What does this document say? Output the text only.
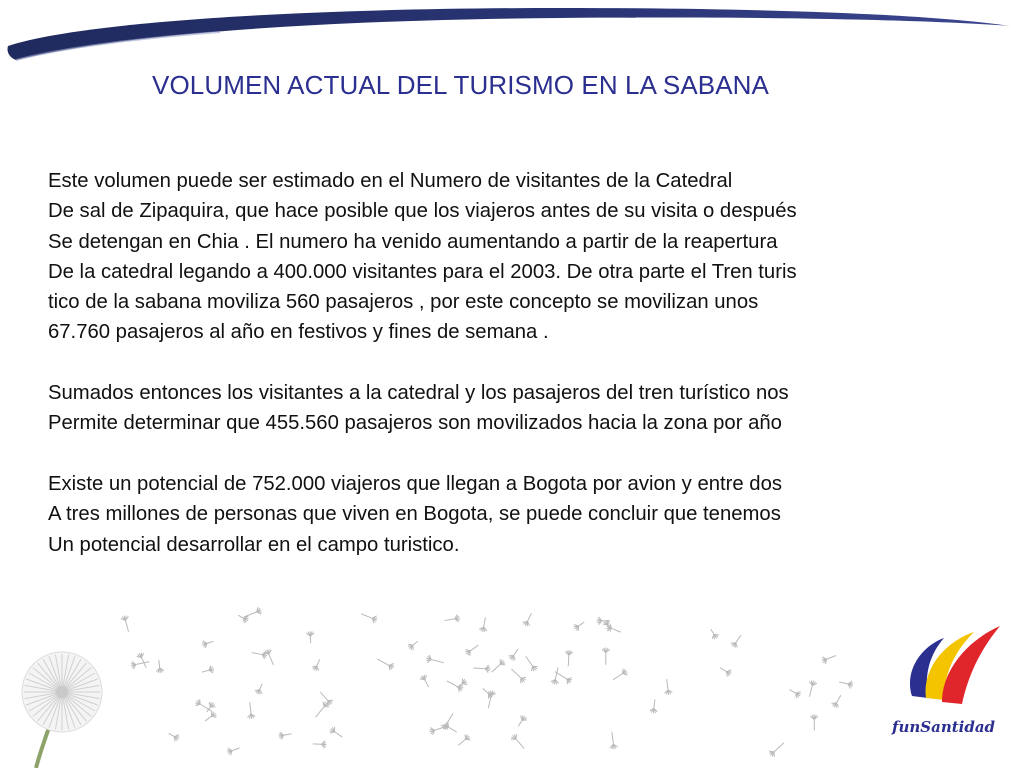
VOLUMEN ACTUAL DEL TURISMO EN LA SABANA

Este volumen puede ser estimado en el Numero de visitantes de la Catedral
De sal de Zipaquira, que hace posible que los viajeros antes de su visita o después
Se detengan en Chia . El numero ha venido aumentando a partir de la reapertura
De la catedral legando a 400.000 visitantes para el 2003. De otra parte el Tren turis
tico de la sabana moviliza 560 pasajeros , por este concepto se movilizan unos
67.760 pasajeros al año en festivos y fines de semana .

Sumados entonces los visitantes a la catedral y los pasajeros del tren turístico nos
Permite determinar que 455.560 pasajeros son movilizados hacia la zona por año

Existe un potencial de 752.000 viajeros que llegan a Bogota por avion y entre dos
A tres millones de personas que viven en Bogota, se puede concluir que tenemos
Un potencial desarrollar en el campo turistico.

funSantidad
